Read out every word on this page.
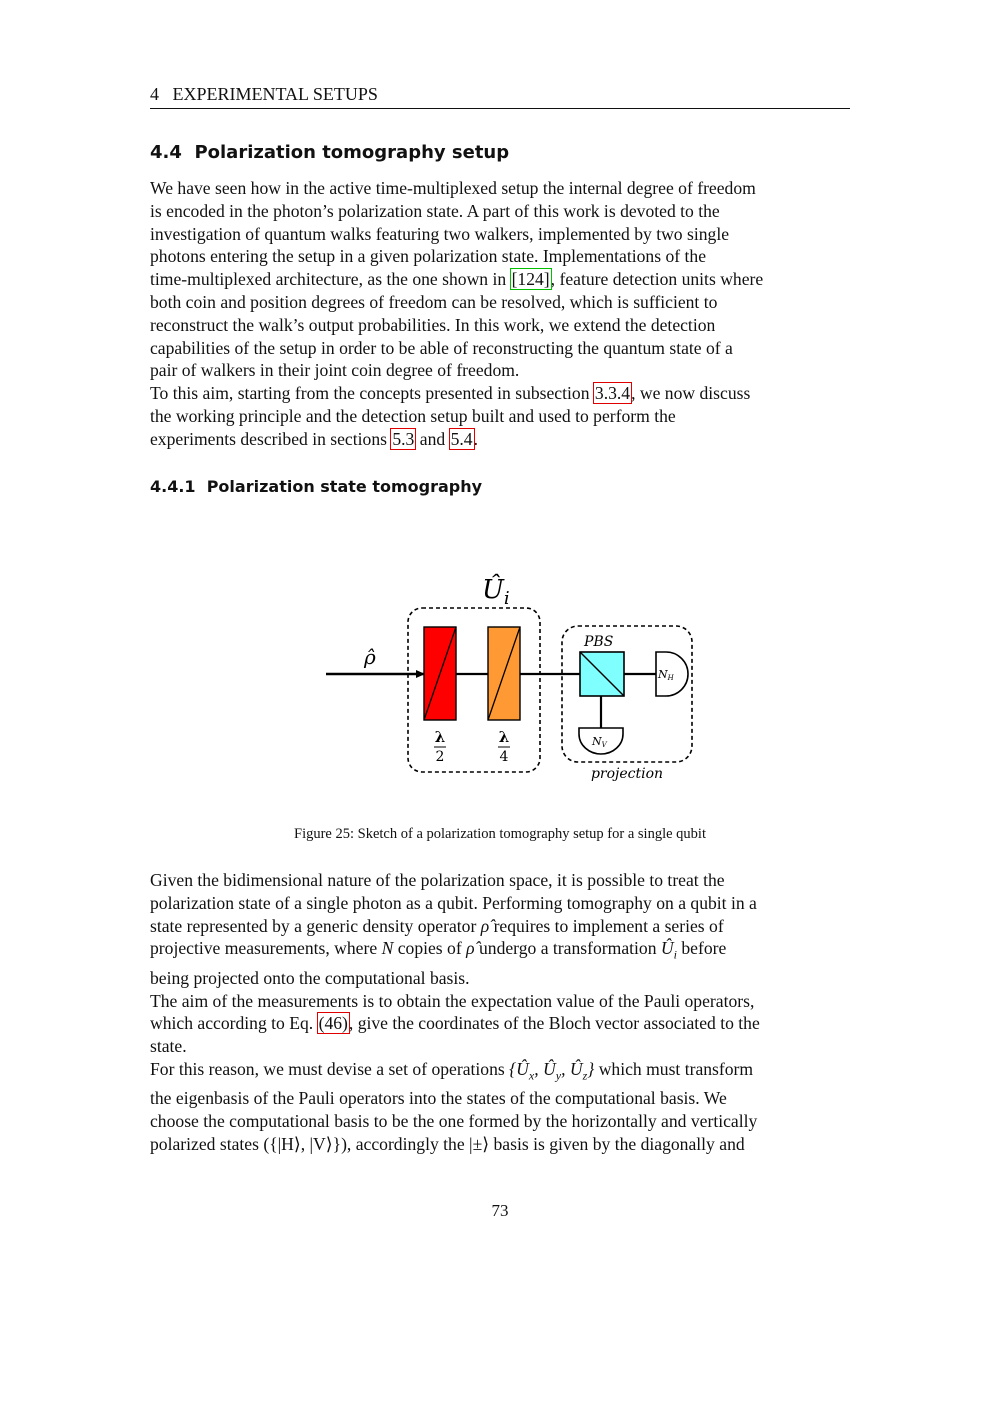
4   EXPERIMENTAL SETUPS
4.4 Polarization tomography setup

We have seen how in the active time-multiplexed setup the internal degree of freedom
is encoded in the photon’s polarization state. A part of this work is devoted to the
investigation of quantum walks featuring two walkers, implemented by two single
photons entering the setup in a given polarization state. Implementations of the
time-multiplexed architecture, as the one shown in [124], feature detection units where
both coin and position degrees of freedom can be resolved, which is sufficient to
reconstruct the walk’s output probabilities. In this work, we extend the detection
capabilities of the setup in order to be able of reconstructing the quantum state of a
pair of walkers in their joint coin degree of freedom.

To this aim, starting from the concepts presented in subsection 3.3.4, we now discuss
the working principle and the detection setup built and used to perform the
experiments described in sections 5.3 and 5.4.

4.4.1 Polarization state tomography
$Û_i$
ρ̂
λ
2
λ
4
PBS
NH
NV
projection
Figure 25: Sketch of a polarization tomography setup for a single qubit

Given the bidimensional nature of the polarization space, it is possible to treat the
polarization state of a single photon as a qubit. Performing tomography on a qubit in a
state represented by a generic density operator ρ̂ requires to implement a series of
projective measurements, where N copies of ρ̂ undergo a transformation $Û_i$ before
being projected onto the computational basis.

The aim of the measurements is to obtain the expectation value of the Pauli operators,
which according to Eq. (46), give the coordinates of the Bloch vector associated to the
state.

For this reason, we must devise a set of operations {$Û_x$, $Û_y$, $Û_z$} which must transform
the eigenbasis of the Pauli operators into the states of the computational basis. We
choose the computational basis to be the one formed by the horizontally and vertically
polarized states ({|H⟩, |V⟩}), accordingly the |±⟩ basis is given by the diagonally and

73
